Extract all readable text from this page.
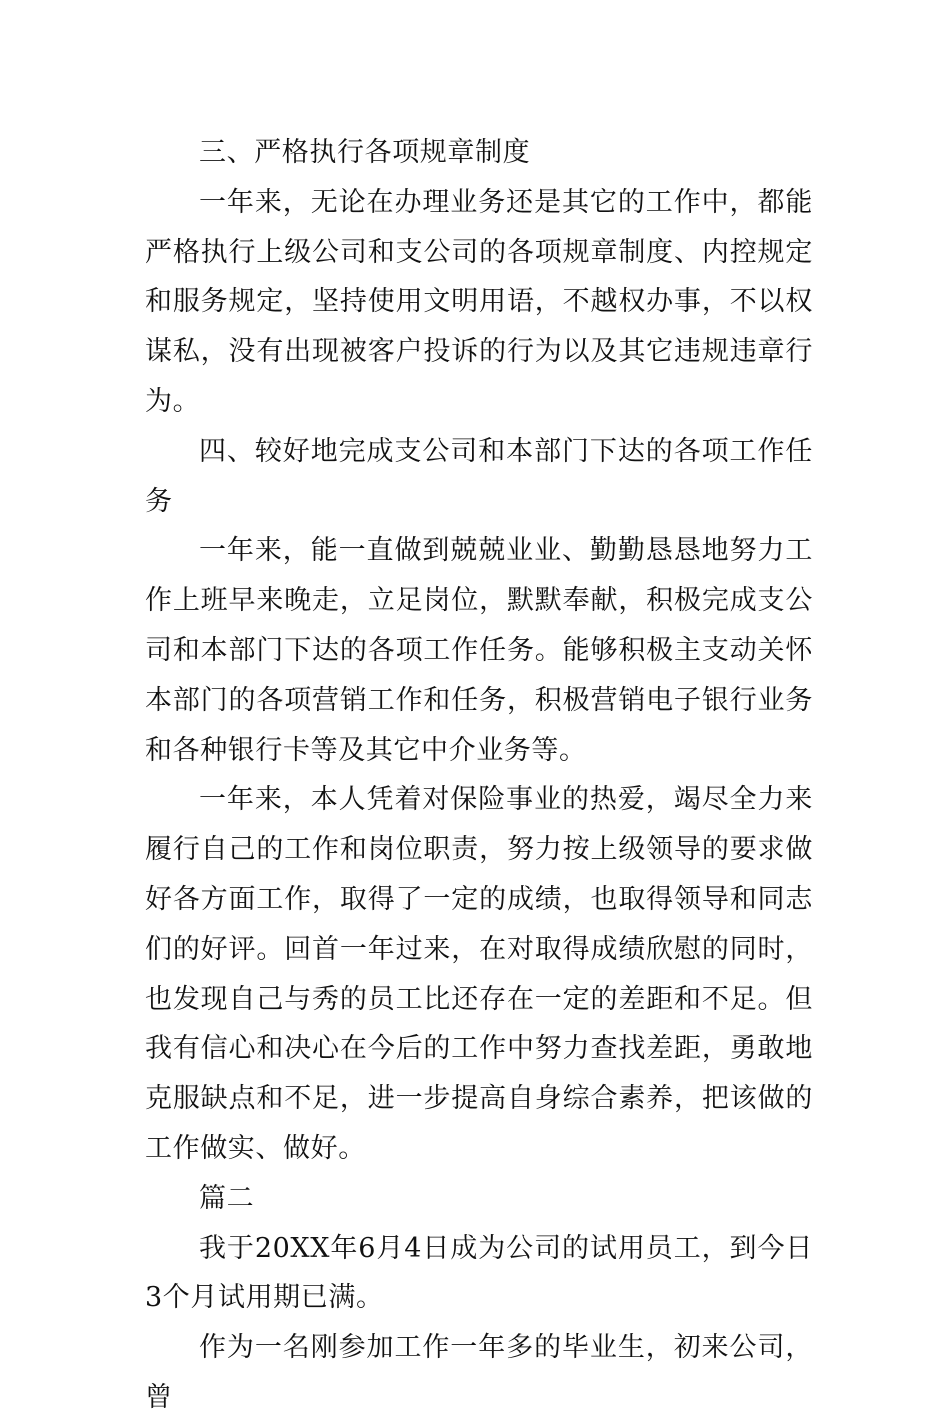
三、严格执行各项规章制度

一年来，无论在办理业务还是其它的工作中，都能严格执行上级公司和支公司的各项规章制度、内控规定和服务规定，坚持使用文明用语，不越权办事，不以权谋私，没有出现被客户投诉的行为以及其它违规违章行为。

四、较好地完成支公司和本部门下达的各项工作任务

一年来，能一直做到兢兢业业、勤勤恳恳地努力工作上班早来晚走，立足岗位，默默奉献，积极完成支公司和本部门下达的各项工作任务。能够积极主支动关怀本部门的各项营销工作和任务，积极营销电子银行业务和各种银行卡等及其它中介业务等。

一年来，本人凭着对保险事业的热爱，竭尽全力来履行自己的工作和岗位职责，努力按上级领导的要求做好各方面工作，取得了一定的成绩，也取得领导和同志们的好评。回首一年过来，在对取得成绩欣慰的同时，也发现自己与秀的员工比还存在一定的差距和不足。但我有信心和决心在今后的工作中努力查找差距，勇敢地克服缺点和不足，进一步提高自身综合素养，把该做的工作做实、做好。

篇二

我于20XX年6月4日成为公司的试用员工，到今日3个月试用期已满。

作为一名刚参加工作一年多的毕业生，初来公司，曾
